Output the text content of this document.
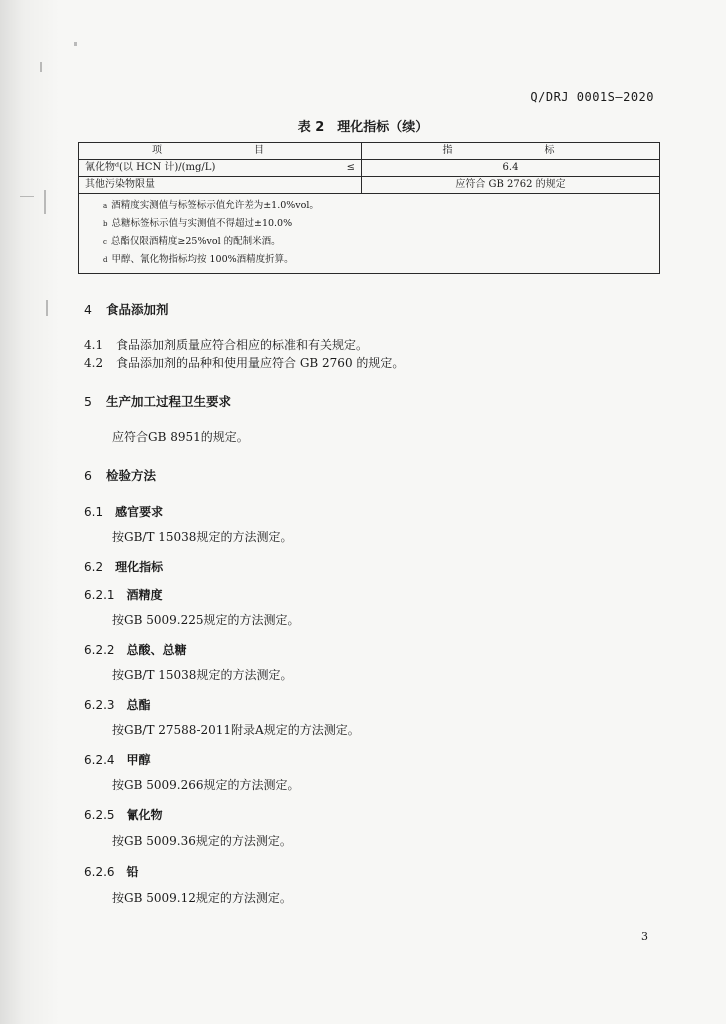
Q/DRJ 0001S—2020
表 2　理化指标（续）
项　　目	指　　标
氰化物ᵈ(以 HCN 计)/(mg/L) ≤	6.4
其他污染物限量	应符合 GB 2762 的规定

$^a$ 酒精度实测值与标签标示值允许差为±1.0%vol。
$^b$ 总糖标签标示值与实测值不得超过±10.0%
$^c$ 总酯仅限酒精度≥25%vol 的配制米酒。
$^d$ 甲醇、氰化物指标均按 100%酒精度折算。	
4 食品添加剂
4.1 食品添加剂质量应符合相应的标准和有关规定。
4.2 食品添加剂的品种和使用量应符合 GB 2760 的规定。
5 生产加工过程卫生要求
应符合GB 8951的规定。
6 检验方法
6.1 感官要求
按GB/T 15038规定的方法测定。
6.2 理化指标
6.2.1 酒精度
按GB 5009.225规定的方法测定。
6.2.2 总酸、总糖
按GB/T 15038规定的方法测定。
6.2.3 总酯
按GB/T 27588-2011附录A规定的方法测定。
6.2.4 甲醇
按GB 5009.266规定的方法测定。
6.2.5 氰化物
按GB 5009.36规定的方法测定。
6.2.6 铅
按GB 5009.12规定的方法测定。
3
